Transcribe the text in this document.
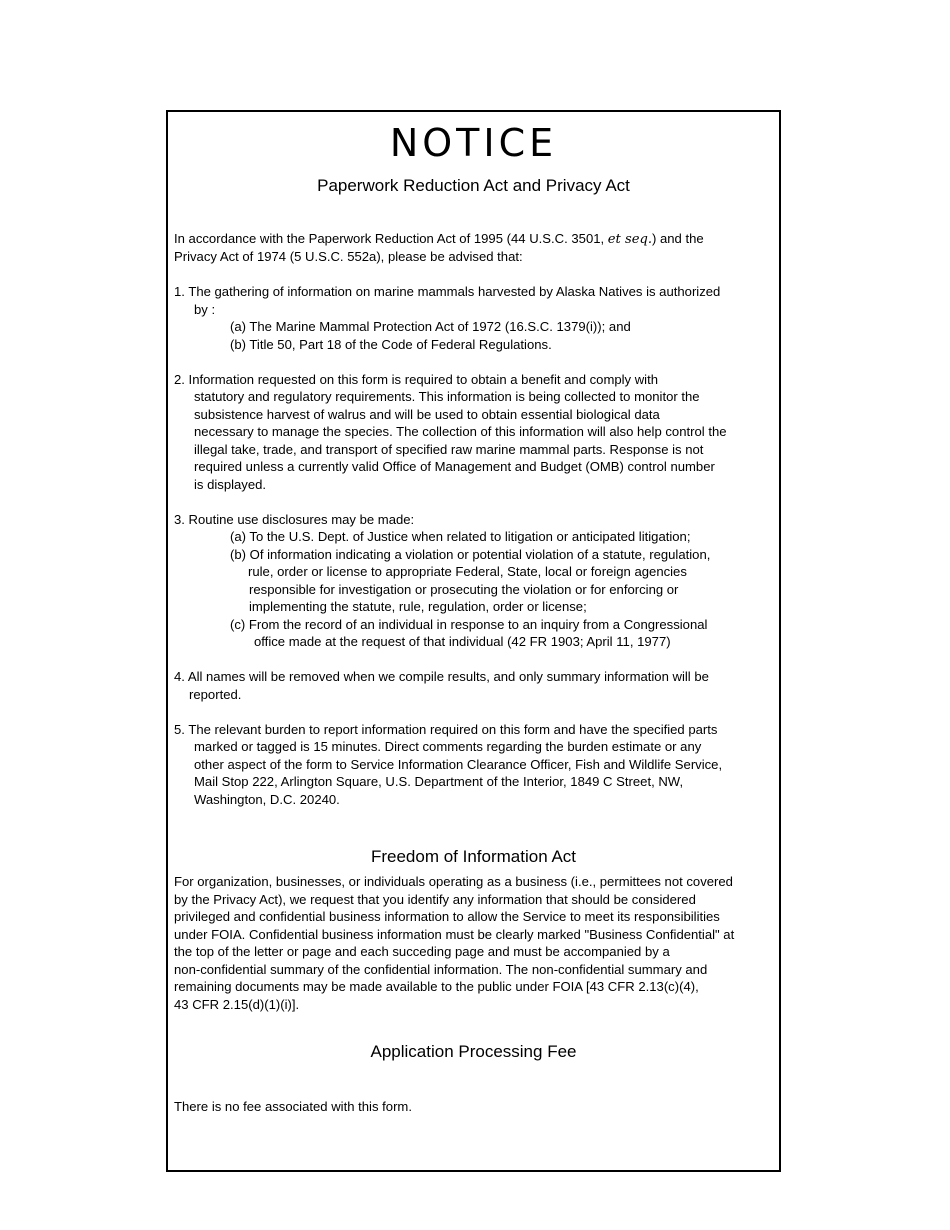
NOTICE
Paperwork Reduction Act and Privacy Act
In accordance with the Paperwork Reduction Act of 1995 (44 U.S.C. 3501, et seq.) and the
Privacy Act of 1974 (5 U.S.C. 552a), please be advised that:
1. The gathering of information on marine mammals harvested by Alaska Natives is authorized
by :
(a) The Marine Mammal Protection Act of 1972 (16.S.C. 1379(i)); and
(b) Title 50, Part 18 of the Code of Federal Regulations.
2. Information requested on this form is required to obtain a benefit and comply with
statutory and regulatory requirements. This information is being collected to monitor the
subsistence harvest of walrus and will be used to obtain essential biological data
necessary to manage the species. The collection of this information will also help control the
illegal take, trade, and transport of specified raw marine mammal parts. Response is not
required unless a currently valid Office of Management and Budget (OMB) control number
is displayed.
3. Routine use disclosures may be made:
(a) To the U.S. Dept. of Justice when related to litigation or anticipated litigation;
(b) Of information indicating a violation or potential violation of a statute, regulation,
rule, order or license to appropriate Federal, State, local or foreign agencies
responsible for investigation or prosecuting the violation or for enforcing or
implementing the statute, rule, regulation, order or license;
(c) From the record of an individual in response to an inquiry from a Congressional
office made at the request of that individual (42 FR 1903; April 11, 1977)
4. All names will be removed when we compile results, and only summary information will be
reported.
5. The relevant burden to report information required on this form and have the specified parts
marked or tagged is 15 minutes. Direct comments regarding the burden estimate or any
other aspect of the form to Service Information Clearance Officer, Fish and Wildlife Service,
Mail Stop 222, Arlington Square, U.S. Department of the Interior, 1849 C Street, NW,
Washington, D.C. 20240.
Freedom of Information Act
For organization, businesses, or individuals operating as a business (i.e., permittees not covered
by the Privacy Act), we request that you identify any information that should be considered
privileged and confidential business information to allow the Service to meet its responsibilities
under FOIA. Confidential business information must be clearly marked "Business Confidential" at
the top of the letter or page and each succeding page and must be accompanied by a
non-confidential summary of the confidential information. The non-confidential summary and
remaining documents may be made available to the public under FOIA [43 CFR 2.13(c)(4),
43 CFR 2.15(d)(1)(i)].
Application Processing Fee
There is no fee associated with this form.
